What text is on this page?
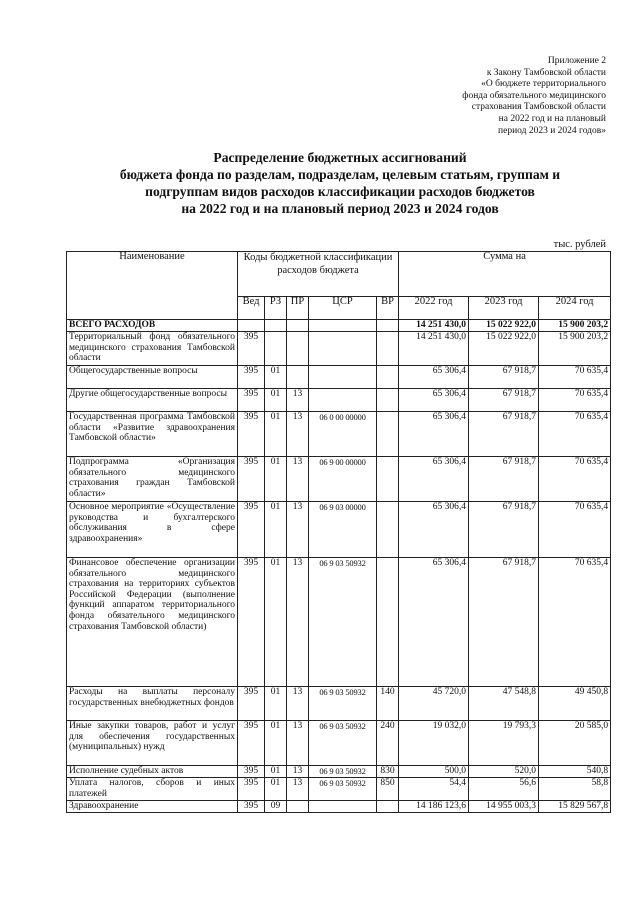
Приложение 2
к Закону Тамбовской области
«О бюджете территориального
фонда обязательного медицинского
страхования Тамбовской области
на 2022 год и на плановый
период 2023 и 2024 годов»
Распределение бюджетных ассигнований
бюджета фонда по разделам, подразделам, целевым статьям, группам и
подгруппам видов расходов классификации расходов бюджетов
на 2022 год и на плановый период 2023 и 2024 годов
тыс. рублей
Наименование	Коды бюджетной классификации расходов бюджета					Сумма на		
	Вед	РЗ	ПР	ЦСР	ВР	2022 год	2023 год	2024 год
ВСЕГО РАСХОДОВ						14 251 430,0	15 022 922,0	15 900 203,2
Территориальный фонд обязательного медицинского страхования Тамбовской области	395					14 251 430,0	15 022 922,0	15 900 203,2
Общегосударственные вопросы	395	01				65 306,4	67 918,7	70 635,4
Другие общегосударственные вопросы	395	01	13			65 306,4	67 918,7	70 635,4
Государственная программа Тамбовской области «Развитие здравоохранения Тамбовской области»	395	01	13	06 0 00 00000		65 306,4	67 918,7	70 635,4
Подпрограмма «Организация обязательного медицинского страхования граждан Тамбовской области»	395	01	13	06 9 00 00000		65 306,4	67 918,7	70 635,4
Основное мероприятие «Осуществление руководства и бухгалтерского обслуживания в сфере здравоохранения»	395	01	13	06 9 03 00000		65 306,4	67 918,7	70 635,4
Финансовое обеспечение организации обязательного медицинского страхования на территориях субъектов Российской Федерации (выполнение функций аппаратом территориального фонда обязательного медицинского страхования Тамбовской области)	395	01	13	06 9 03 50932		65 306,4	67 918,7	70 635,4
Расходы на выплаты персоналу государственных внебюджетных фондов	395	01	13	06 9 03 50932	140	45 720,0	47 548,8	49 450,8
Иные закупки товаров, работ и услуг для обеспечения государственных (муниципальных) нужд	395	01	13	06 9 03 50932	240	19 032,0	19 793,3	20 585,0
Исполнение судебных актов	395	01	13	06 9 03 50932	830	500,0	520,0	540,8
Уплата налогов, сборов и иных платежей	395	01	13	06 9 03 50932	850	54,4	56,6	58,8
Здравоохранение	395	09				14 186 123,6	14 955 003,3	15 829 567,8
